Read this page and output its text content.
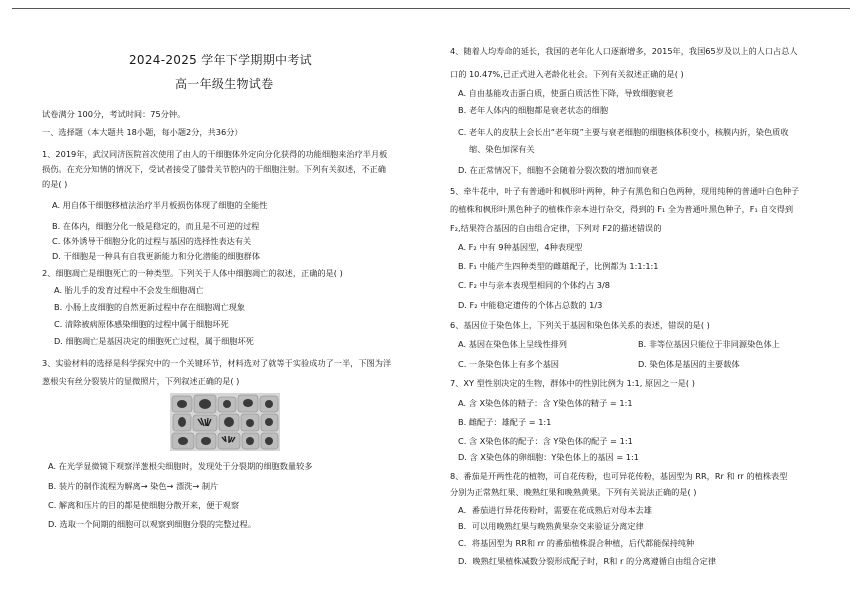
2024-2025 学年下学期期中考试
高一年级生物试卷
试卷满分 100分，考试时间：75分钟。
一、选择题（本大题共 18小题，每小题2分，共36分）
1、2019年，武汉同济医院首次使用了由人的干细胞体外定向分化获得的功能细胞来治疗半月板
损伤。在充分知情的情况下，受试者接受了膝骨关节腔内的干细胞注射。下列有关叙述，不正确
的是( )
A. 用自体干细胞移植法治疗半月板损伤体现了细胞的全能性
B. 在体内，细胞分化一般是稳定的，而且是不可逆的过程
C. 体外诱导干细胞分化的过程与基因的选择性表达有关
D. 干细胞是一种具有自我更新能力和分化潜能的细胞群体
2、细胞凋亡是细胞死亡的一种类型。下列关于人体中细胞凋亡的叙述，正确的是( )
A. 胎儿手的发育过程中不会发生细胞凋亡
B. 小肠上皮细胞的自然更新过程中存在细胞凋亡现象
C. 清除被病原体感染细胞的过程中属于细胞坏死
D. 细胞凋亡是基因决定的细胞死亡过程，属于细胞坏死
3、实验材料的选择是科学探究中的一个关键环节，材料选对了就等于实验成功了一半，下图为洋
葱根尖有丝分裂装片的显微照片，下列叙述正确的是( )
A. 在光学显微镜下观察洋葱根尖细胞时，发现处于分裂期的细胞数量较多
B. 装片的制作流程为解离→ 染色→ 漂洗→ 制片
C. 解离和压片的目的都是使细胞分散开来，便于观察
D. 选取一个间期的细胞可以观察到细胞分裂的完整过程。
4、随着人均寿命的延长，我国的老年化人口逐渐增多，2015年，我国65岁及以上的人口占总人
口的 10.47%,已正式进入老龄化社会。下列有关叙述正确的是( )
A. 自由基能攻击蛋白质，使蛋白质活性下降，导致细胞衰老
B. 老年人体内的细胞都是衰老状态的细胞
C. 老年人的皮肤上会长出“老年斑”主要与衰老细胞的细胞核体积变小，核膜内折，染色质收
缩、染色加深有关
D. 在正常情况下，细胞不会随着分裂次数的增加而衰老
5、牵牛花中，叶子有普通叶和枫形叶两种，种子有黑色和白色两种，现用纯种的普通叶白色种子
的植株和枫形叶黑色种子的植株作亲本进行杂交，得到的 F₁ 全为普通叶黑色种子，F₁ 自交得到
F₂,结果符合基因的自由组合定律，下列对 F2的描述错误的
A. F₂ 中有 9种基因型，4种表现型
B. F₁ 中能产生四种类型的雌雄配子，比例都为 1:1:1:1
C. F₂ 中与亲本表现型相同的个体约占 3/8
D. F₂ 中能稳定遗传的个体占总数的 1/3
6、基因位于染色体上，下列关于基因和染色体关系的表述，错误的是( )
A. 基因在染色体上呈线性排列	B. 非等位基因只能位于非同源染色体上
C. 一条染色体上有多个基因	D. 染色体是基因的主要载体
7、XY 型性别决定的生物，群体中的性别比例为 1:1, 原因之一是( )
A. 含 X染色体的精子：含 Y染色体的精子 = 1:1
B. 雌配子：雄配子 = 1:1
C. 含 X染色体的配子：含 Y染色体的配子 = 1:1
D. 含 X染色体的卵细胞：Y染色体上的基因 = 1:1
8、番茄是开两性花的植物，可自花传粉，也可异花传粉，基因型为 RR，Rr 和 rr 的植株表型
分别为正常熟红果、晚熟红果和晚熟黄果。下列有关说法正确的是( )
A．番茄进行异花传粉时，需要在花成熟后对母本去雄
B．可以用晚熟红果与晚熟黄果杂交来验证分离定律
C．将基因型为 RR和 rr 的番茄植株混合种植，后代都能保持纯种
D．晚熟红果植株减数分裂形成配子时，R和 r 的分离遵循自由组合定律
